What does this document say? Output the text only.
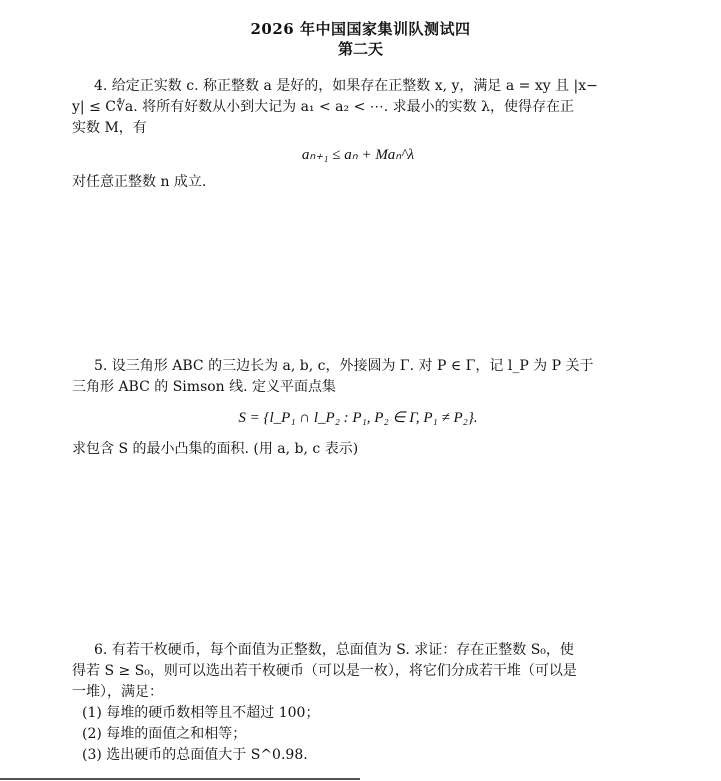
2026 年中国国家集训队测试四
第二天
4. 给定正实数 c. 称正整数 a 是好的，如果存在正整数 x, y，满足 a = xy 且 |x−
y| ≤ C∜a. 将所有好数从小到大记为 a₁ < a₂ < ⋯. 求最小的实数 λ，使得存在正
实数 M，有
aₙ₊₁ ≤ aₙ + Maₙ^λ
对任意正整数 n 成立.
5. 设三角形 ABC 的三边长为 a, b, c，外接圆为 Γ. 对 P ∈ Γ，记 l_P 为 P 关于
三角形 ABC 的 Simson 线. 定义平面点集
S = {l_P₁ ∩ l_P₂ : P₁, P₂ ∈ Γ, P₁ ≠ P₂}.
求包含 S 的最小凸集的面积. (用 a, b, c 表示)
6. 有若干枚硬币，每个面值为正整数，总面值为 S. 求证：存在正整数 S₀，使
得若 S ≥ S₀，则可以选出若干枚硬币（可以是一枚），将它们分成若干堆（可以是
一堆），满足：
(1) 每堆的硬币数相等且不超过 100；
(2) 每堆的面值之和相等；
(3) 选出硬币的总面值大于 S^0.98.
